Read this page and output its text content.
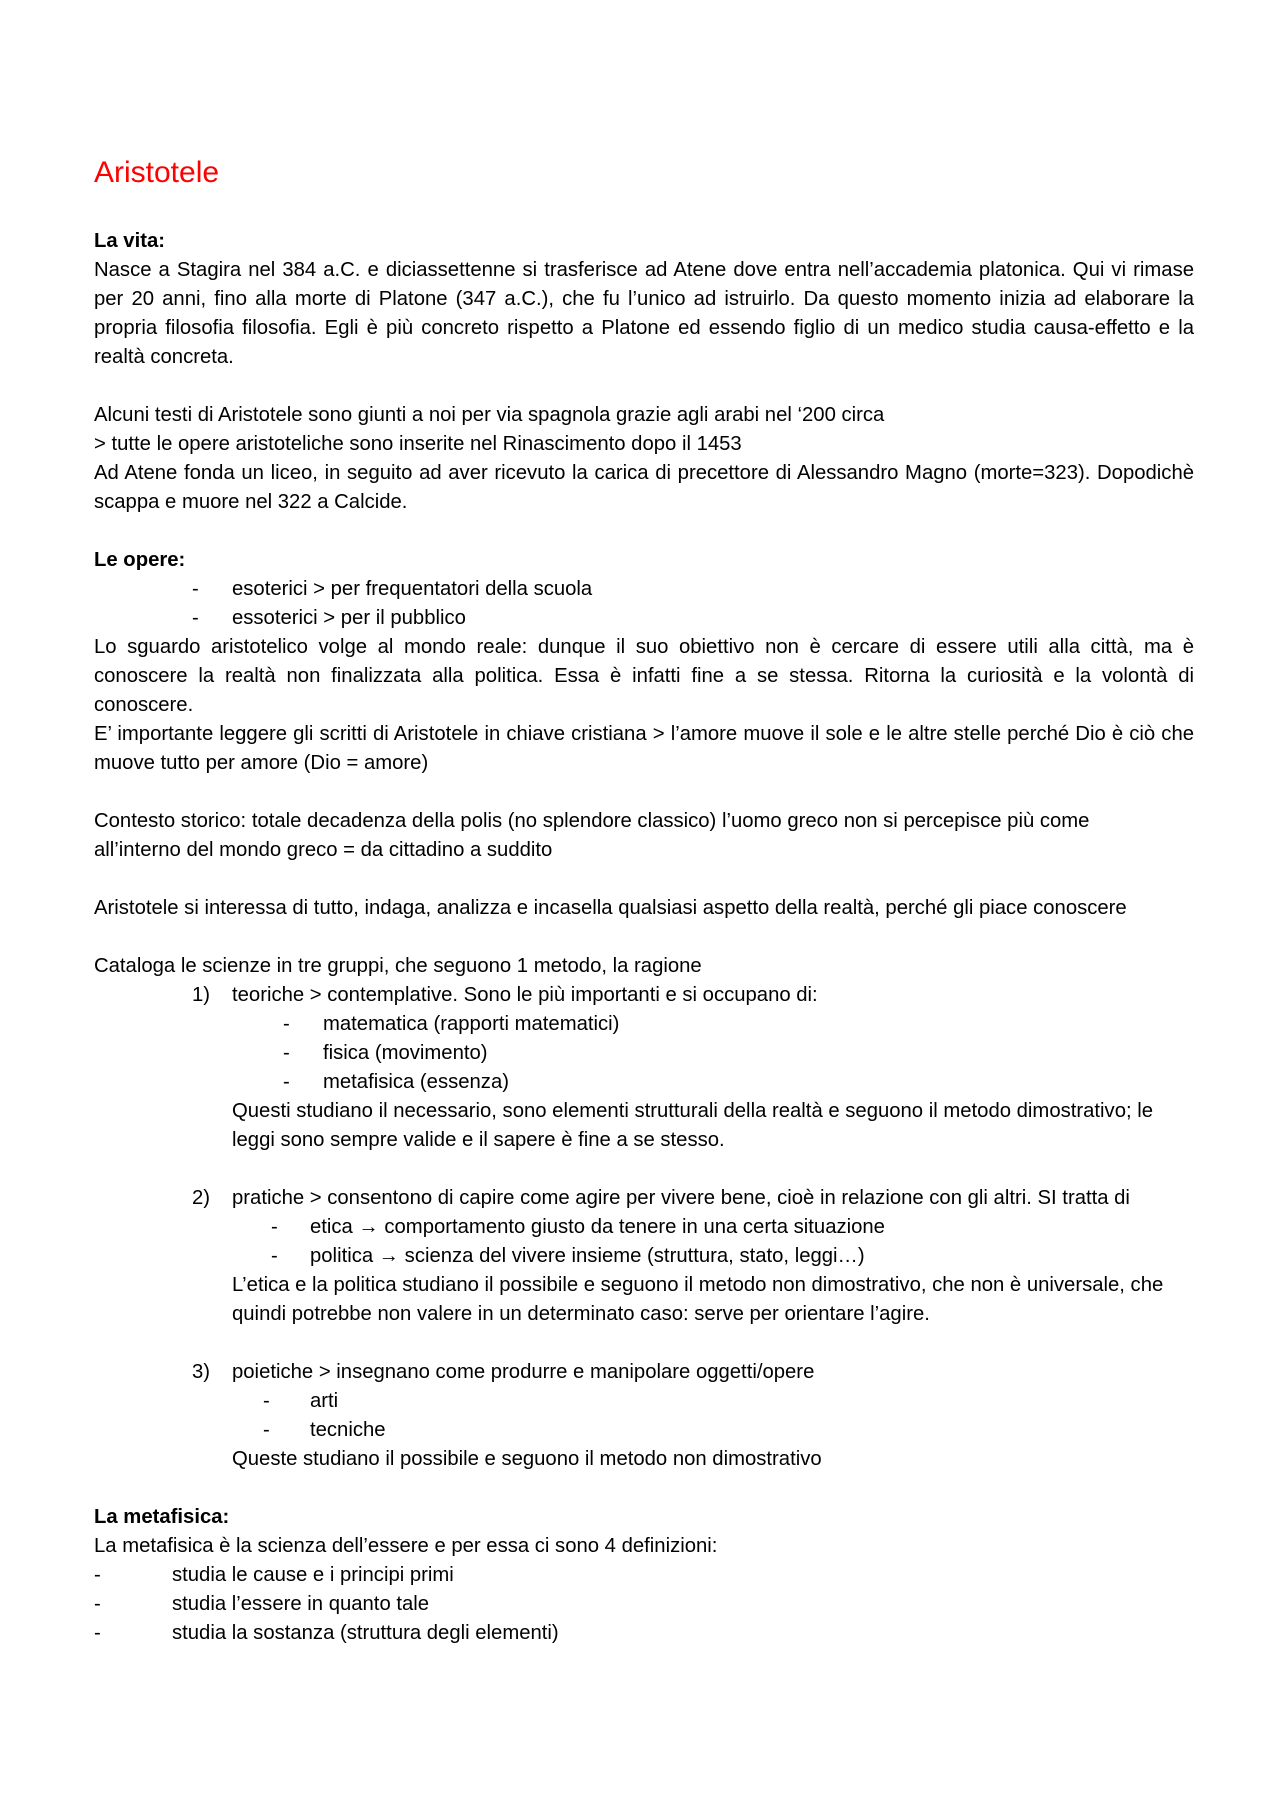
Aristotele

La vita:

Nasce a Stagira nel 384 a.C. e diciassettenne si trasferisce ad Atene dove entra nell’accademia platonica. Qui vi rimase per 20 anni, fino alla morte di Platone (347 a.C.), che fu l’unico ad istruirlo. Da questo momento inizia ad elaborare la propria filosofia filosofia. Egli è più concreto rispetto a Platone ed essendo figlio di un medico studia causa-effetto e la realtà concreta.

Alcuni testi di Aristotele sono giunti a noi per via spagnola grazie agli arabi nel ‘200 circa

> tutte le opere aristoteliche sono inserite nel Rinascimento dopo il 1453

Ad Atene fonda un liceo, in seguito ad aver ricevuto la carica di precettore di Alessandro Magno (morte=323). Dopodichè scappa e muore nel 322 a Calcide.

Le opere:

- esoterici > per frequentatori della scuola
- essoterici > per il pubblico

Lo sguardo aristotelico volge al mondo reale: dunque il suo obiettivo non è cercare di essere utili alla città, ma è conoscere la realtà non finalizzata alla politica. Essa è infatti fine a se stessa. Ritorna la curiosità e la volontà di conoscere.

E’ importante leggere gli scritti di Aristotele in chiave cristiana > l’amore muove il sole e le altre stelle perché Dio è ciò che muove tutto per amore (Dio = amore)

Contesto storico: totale decadenza della polis (no splendore classico) l’uomo greco non si percepisce più come all’interno del mondo greco = da cittadino a suddito

Aristotele si interessa di tutto, indaga, analizza e incasella qualsiasi aspetto della realtà, perché gli piace conoscere

Cataloga le scienze in tre gruppi, che seguono 1 metodo, la ragione

1) teoriche > contemplative. Sono le più importanti e si occupano di:
- matematica (rapporti matematici)
- fisica (movimento)
- metafisica (essenza)

Questi studiano il necessario, sono elementi strutturali della realtà e seguono il metodo dimostrativo; le leggi sono sempre valide e il sapere è fine a se stesso.

2) pratiche > consentono di capire come agire per vivere bene, cioè in relazione con gli altri. SI tratta di
- etica → comportamento giusto da tenere in una certa situazione
- politica → scienza del vivere insieme (struttura, stato, leggi…)

L’etica e la politica studiano il possibile e seguono il metodo non dimostrativo, che non è universale, che quindi potrebbe non valere in un determinato caso: serve per orientare l’agire.

3) poietiche > insegnano come produrre e manipolare oggetti/opere
- arti
- tecniche

Queste studiano il possibile e seguono il metodo non dimostrativo

La metafisica:

La metafisica è la scienza dell’essere e per essa ci sono 4 definizioni:

-	studia le cause e i principi primi
-	studia l’essere in quanto tale
-	studia la sostanza (struttura degli elementi)
